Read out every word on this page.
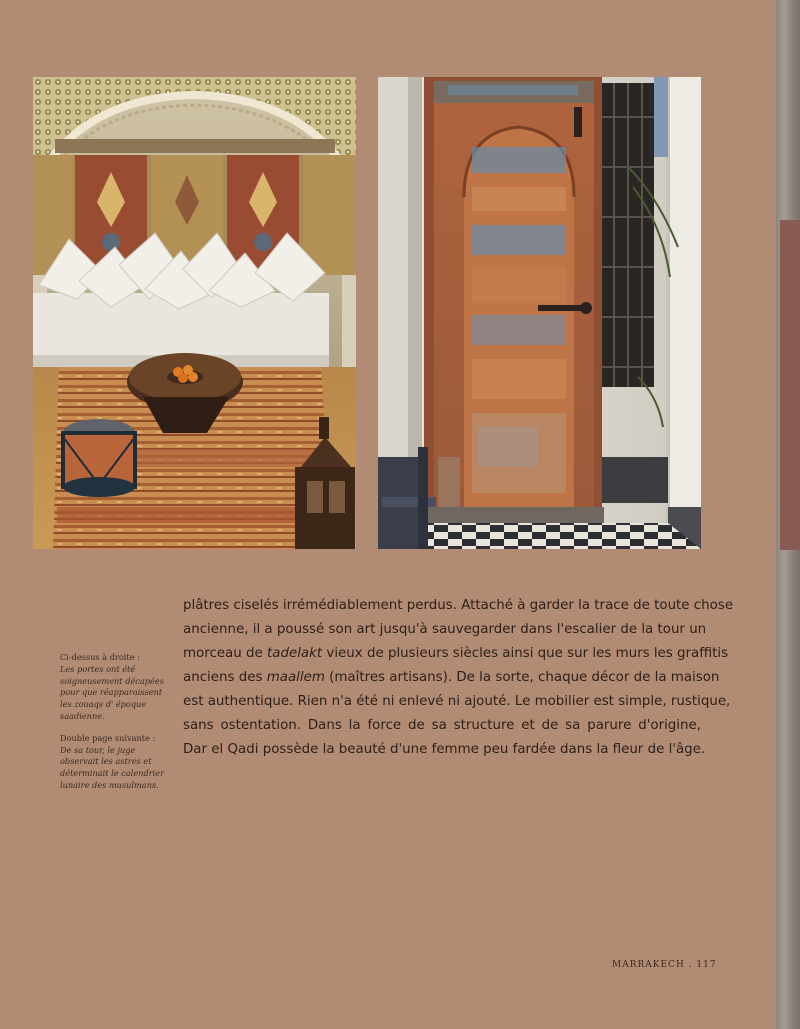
Ci-dessus à droite :
Les portes ont été
soigneusement décapées
pour que réapparaissent
les zouaqs d' époque
saadienne.
Double page suivante :
De sa tour, le juge
observait les astres et
déterminait le calendrier
lunaire des musulmans.
plâtres ciselés irrémédiablement perdus. Attaché à garder la trace de toute chose
ancienne, il a poussé son art jusqu'à sauvegarder dans l'escalier de la tour un
morceau de tadelakt vieux de plusieurs siècles ainsi que sur les murs les graffitis
anciens des maallem (maîtres artisans). De la sorte, chaque décor de la maison
est authentique. Rien n'a été ni enlevé ni ajouté. Le mobilier est simple, rustique,
sans ostentation. Dans la force de sa structure et de sa parure d'origine,
Dar el Qadi possède la beauté d'une femme peu fardée dans la fleur de l'âge.
MARRAKECH . 117
